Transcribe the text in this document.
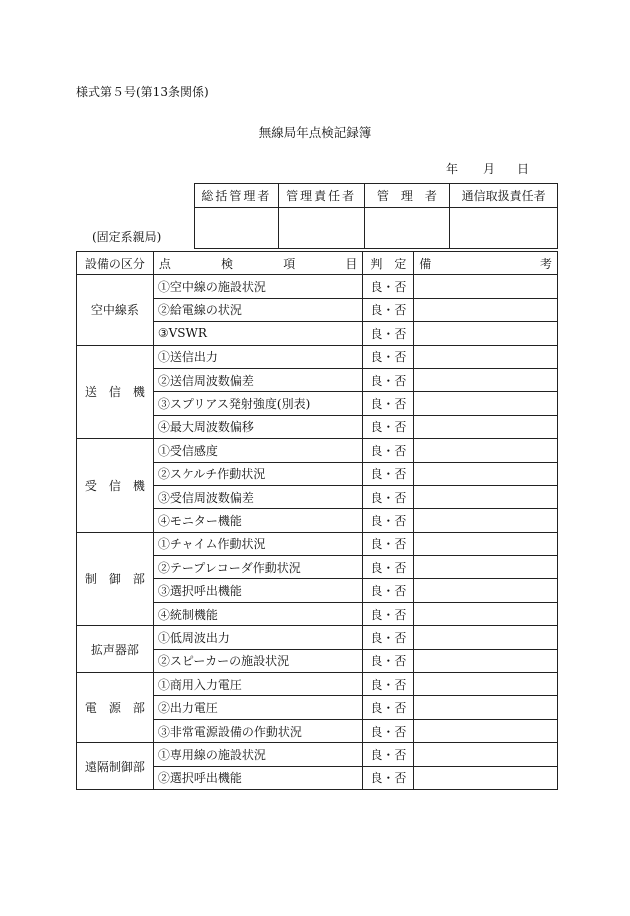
様式第５号(第13条関係)
無線局年点検記録簿
年 月 日
(固定系親局)
総括管理者	管理責任者	管　理　者	通信取扱責任者

設備の区分	点 検 項 目	判　定	備 考

空中線系	①空中線の施設状況	良・否	
	②給電線の状況	良・否	
	③VSWR	良・否	
送　信　機	①送信出力	良・否	
	②送信周波数偏差	良・否	
	③スプリアス発射強度(別表)	良・否	
	④最大周波数偏移	良・否	
受　信　機	①受信感度	良・否	
	②スケルチ作動状況	良・否	
	③受信周波数偏差	良・否	
	④モニター機能	良・否	
制　御　部	①チャイム作動状況	良・否	
	②テープレコーダ作動状況	良・否	
	③選択呼出機能	良・否	
	④統制機能	良・否	
拡声器部	①低周波出力	良・否	
	②スピーカーの施設状況	良・否	
電　源　部	①商用入力電圧	良・否	
	②出力電圧	良・否	
	③非常電源設備の作動状況	良・否	
遠隔制御部	①専用線の施設状況	良・否	
	②選択呼出機能	良・否	
